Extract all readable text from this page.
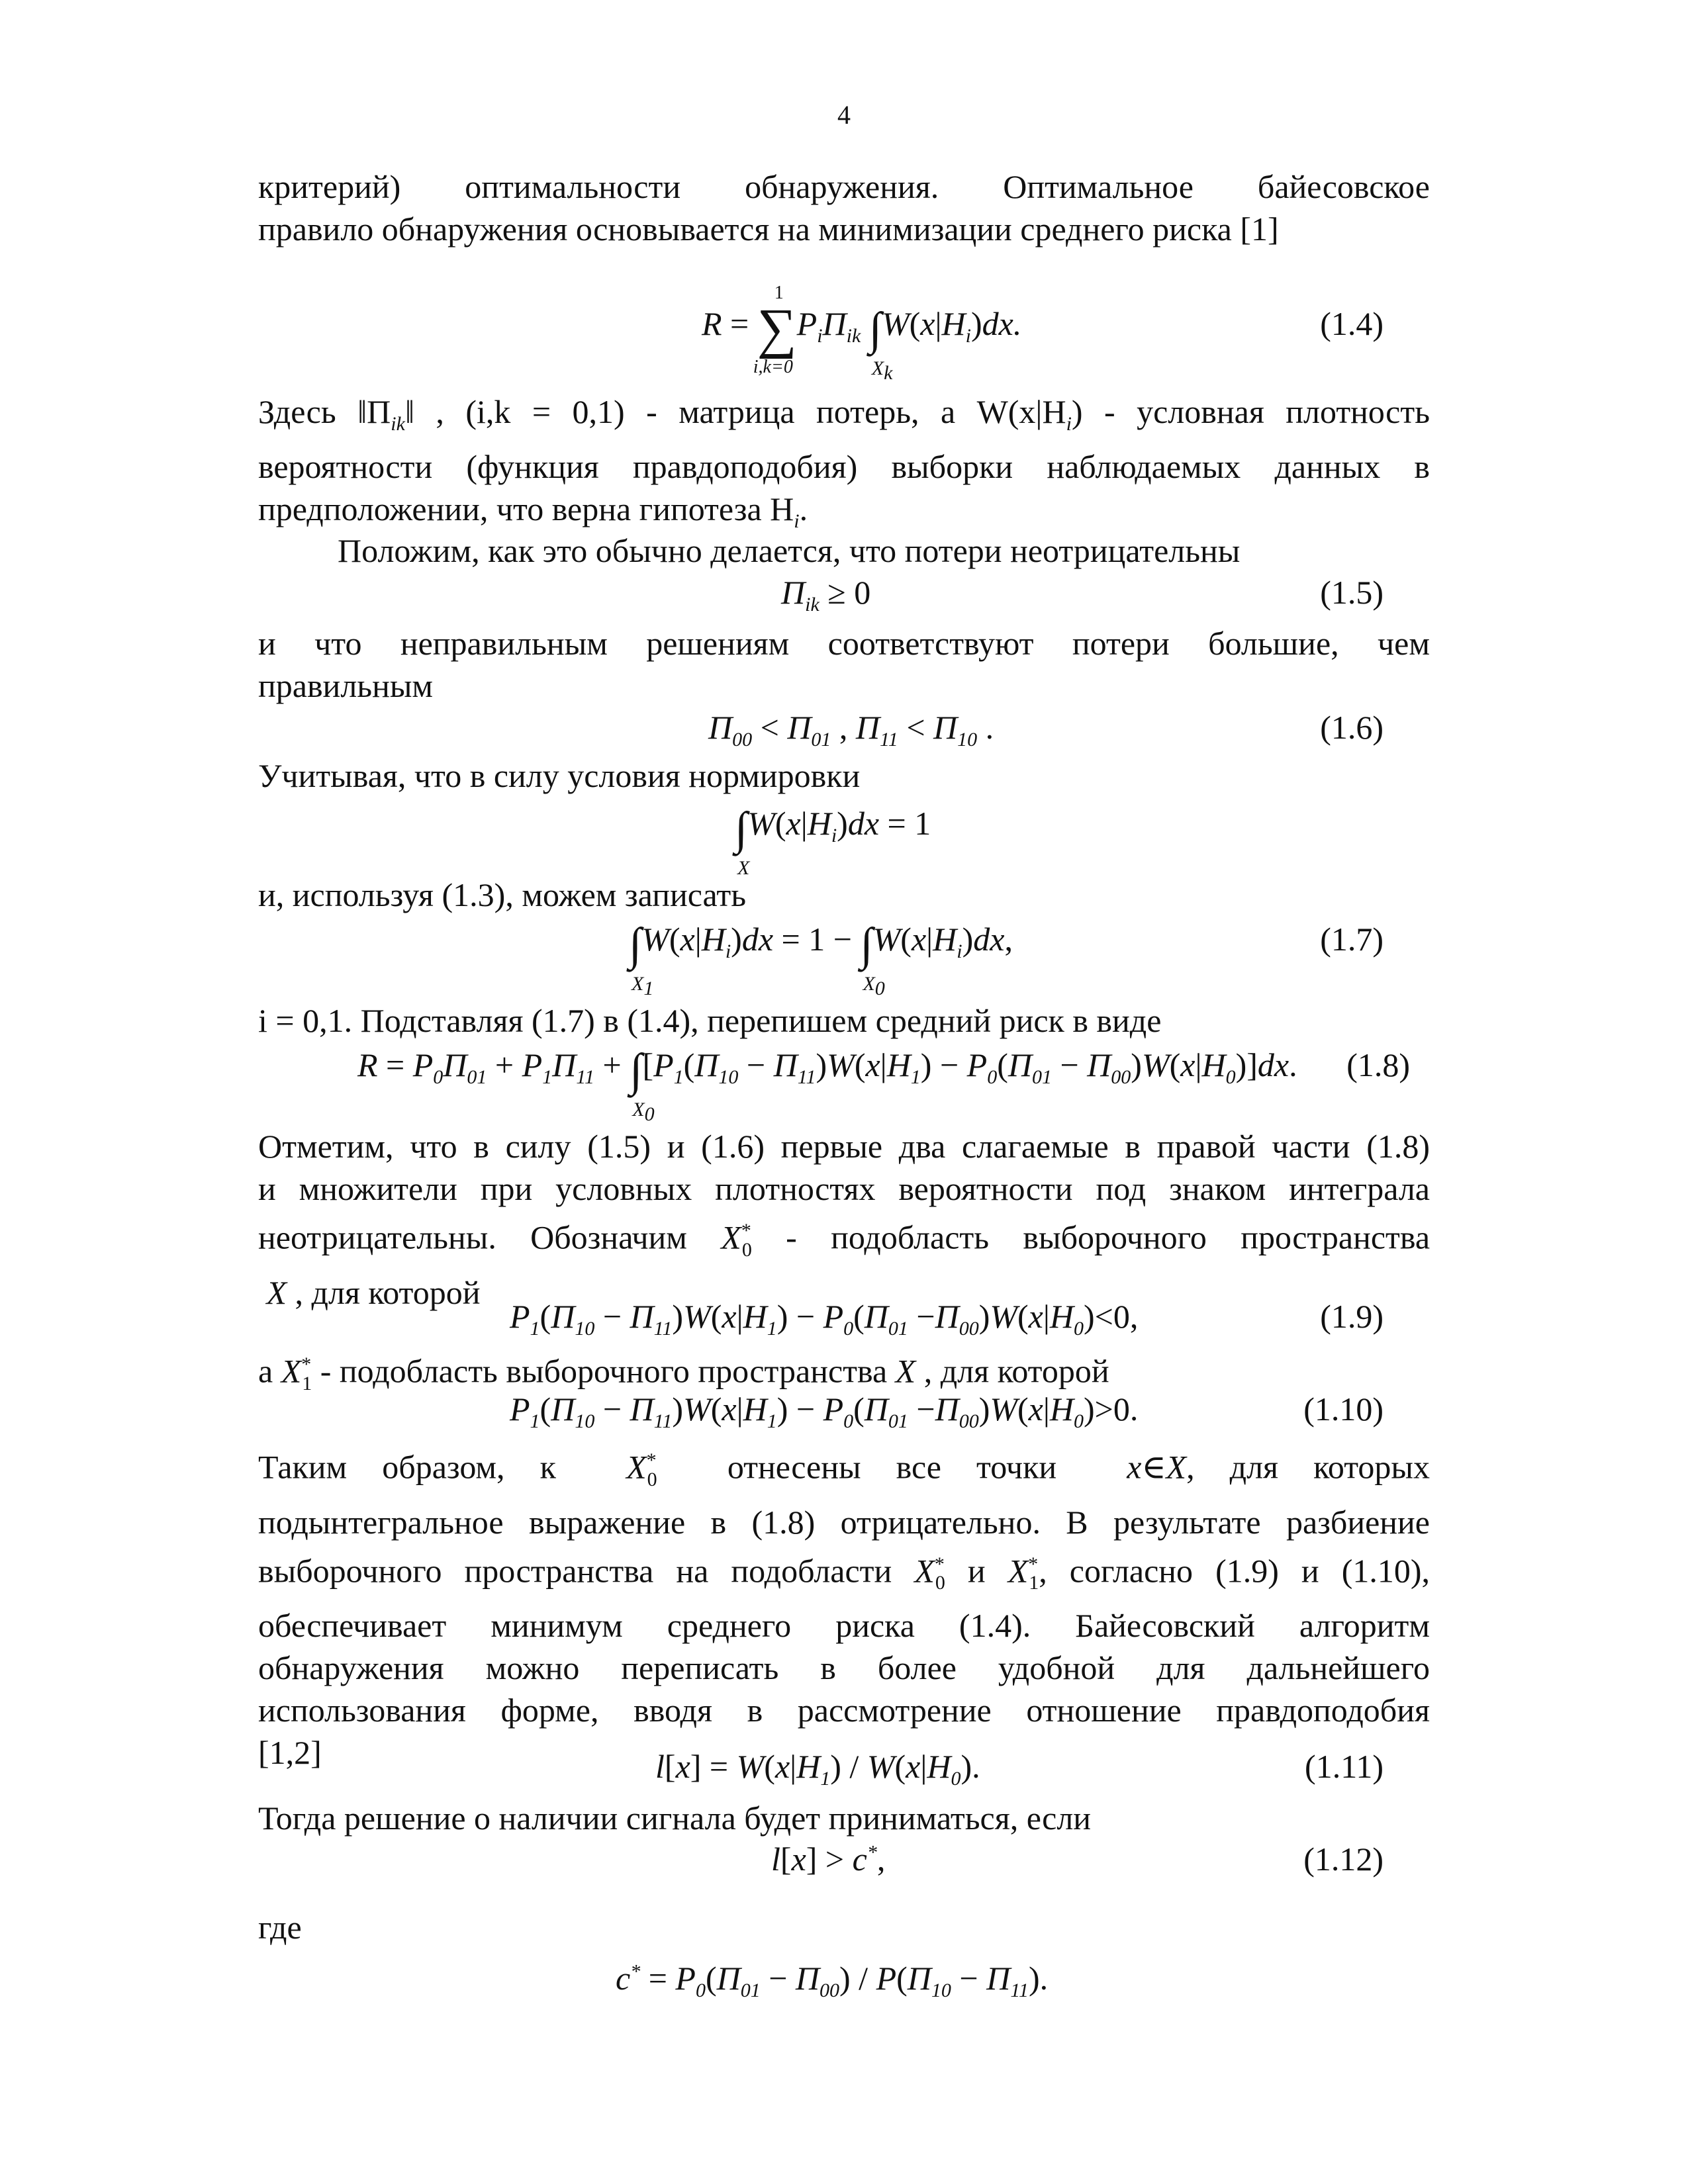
4
критерий) оптимальности обнаружения. Оптимальное байесовское
правило обнаружения основывается на минимизации среднего риска [1]
R = ∑
1
i,k=0
$P_i\Pi_{ik}$ ∫
$X_k$
$W(x|H_i)dx$.	(1.4)
Здесь $‖\Pi_{ik}‖$ , (i,k = 0,1) - матрица потерь, а $W(x|H_i)$ - условная плотность
вероятности (функция правдоподобия) выборки наблюдаемых данных в
предположении, что верна гипотеза $H_i$.
Положим, как это обычно делается, что потери неотрицательны
$\Pi_{ik} \ge 0$	(1.5)
и что неправильным решениям соответствуют потери большие, чем
правильным
$\Pi_{00} < \Pi_{01}$ , $\Pi_{11} < \Pi_{10}$ .	(1.6)
Учитывая, что в силу условия нормировки
∫
X
$W(x|H_i)dx = 1$
и, используя (1.3), можем записать
∫
$X_1$
$W(x|H_i)dx = 1$ − ∫
$X_0$
$W(x|H_i)dx$,	(1.7)
i = 0,1. Подставляя (1.7) в (1.4), перепишем средний риск в виде
$R = P_0\Pi_{01} + P_1\Pi_{11}$ + ∫
$X_0$
$[P_1(\Pi_{10} - \Pi_{11})W(x|H_1) - P_0(\Pi_{01} - \Pi_{00})W(x|H_0)]dx$. (1.8)
Отметим, что в силу (1.5) и (1.6) первые два слагаемые в правой части (1.8)
и множители при условных плотностях вероятности под знаком интеграла
неотрицательны. Обозначим $X^*_0$ - подобласть выборочного пространства
X , для которой
$P_1(\Pi_{10} - \Pi_{11})W(x|H_1) - P_0(\Pi_{01} -\Pi_{00})W(x|H_0)<0$,	(1.9)
а $X^*_1$ - подобласть выборочного пространства X , для которой
$P_1(\Pi_{10} - \Pi_{11})W(x|H_1) - P_0(\Pi_{01} -\Pi_{00})W(x|H_0)>0$.	(1.10)
Таким образом, к $X^*_0$ отнесены все точки x∈X, для которых
подынтегральное выражение в (1.8) отрицательно. В результате разбиение
выборочного пространства на подобласти $X^*_0$ и $X^*_1$, согласно (1.9) и (1.10),
обеспечивает минимум среднего риска (1.4). Байесовский алгоритм
обнаружения можно переписать в более удобной для дальнейшего
использования форме, вводя в рассмотрение отношение правдоподобия
[1,2]	$l[x] = W(x|H_1) / W(x|H_0)$.	(1.11)
Тогда решение о наличии сигнала будет приниматься, если
l[x] > c*,	(1.12)
где
$c^* = P_0(\Pi_{01} - \Pi_{00}) / P(\Pi_{10} - \Pi_{11})$.
